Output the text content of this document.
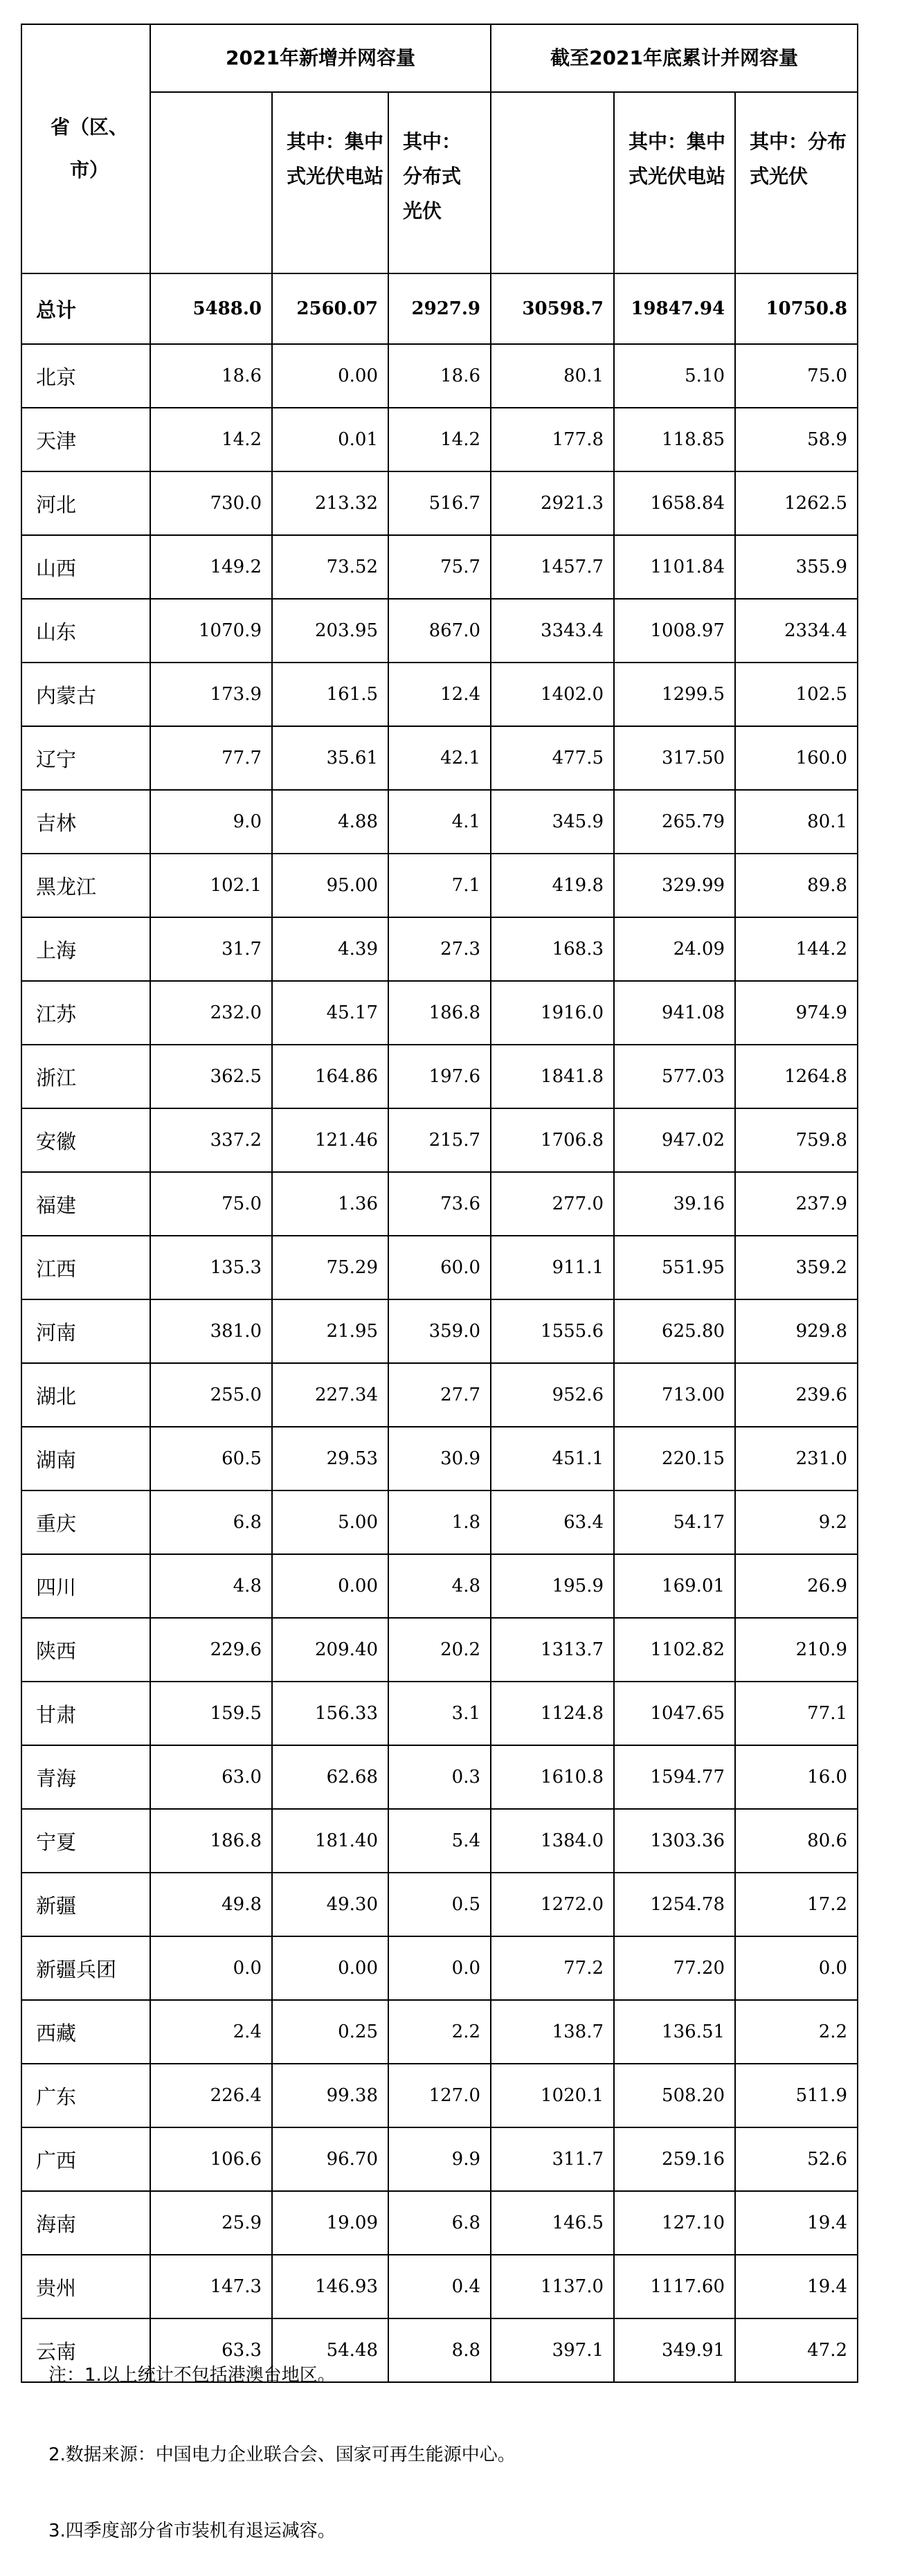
省（区、市）	2021年新增并网容量			截至2021年底累计并网容量		

		其中：集中式光伏电站	其中：分布式光伏		其中：集中式光伏电站	其中：分布式光伏

总计	5488.0	2560.07	2927.9	30598.7	19847.94	10750.8
北京	18.6	0.00	18.6	80.1	5.10	75.0
天津	14.2	0.01	14.2	177.8	118.85	58.9
河北	730.0	213.32	516.7	2921.3	1658.84	1262.5
山西	149.2	73.52	75.7	1457.7	1101.84	355.9
山东	1070.9	203.95	867.0	3343.4	1008.97	2334.4
内蒙古	173.9	161.5	12.4	1402.0	1299.5	102.5
辽宁	77.7	35.61	42.1	477.5	317.50	160.0
吉林	9.0	4.88	4.1	345.9	265.79	80.1
黑龙江	102.1	95.00	7.1	419.8	329.99	89.8
上海	31.7	4.39	27.3	168.3	24.09	144.2
江苏	232.0	45.17	186.8	1916.0	941.08	974.9
浙江	362.5	164.86	197.6	1841.8	577.03	1264.8
安徽	337.2	121.46	215.7	1706.8	947.02	759.8
福建	75.0	1.36	73.6	277.0	39.16	237.9
江西	135.3	75.29	60.0	911.1	551.95	359.2
河南	381.0	21.95	359.0	1555.6	625.80	929.8
湖北	255.0	227.34	27.7	952.6	713.00	239.6
湖南	60.5	29.53	30.9	451.1	220.15	231.0
重庆	6.8	5.00	1.8	63.4	54.17	9.2
四川	4.8	0.00	4.8	195.9	169.01	26.9
陕西	229.6	209.40	20.2	1313.7	1102.82	210.9
甘肃	159.5	156.33	3.1	1124.8	1047.65	77.1
青海	63.0	62.68	0.3	1610.8	1594.77	16.0
宁夏	186.8	181.40	5.4	1384.0	1303.36	80.6
新疆	49.8	49.30	0.5	1272.0	1254.78	17.2
新疆兵团	0.0	0.00	0.0	77.2	77.20	0.0
西藏	2.4	0.25	2.2	138.7	136.51	2.2
广东	226.4	99.38	127.0	1020.1	508.20	511.9
广西	106.6	96.70	9.9	311.7	259.16	52.6
海南	25.9	19.09	6.8	146.5	127.10	19.4
贵州	147.3	146.93	0.4	1137.0	1117.60	19.4
云南	63.3	54.48	8.8	397.1	349.91	47.2
注：1.以上统计不包括港澳台地区。
2.数据来源：中国电力企业联合会、国家可再生能源中心。
3.四季度部分省市装机有退运减容。
